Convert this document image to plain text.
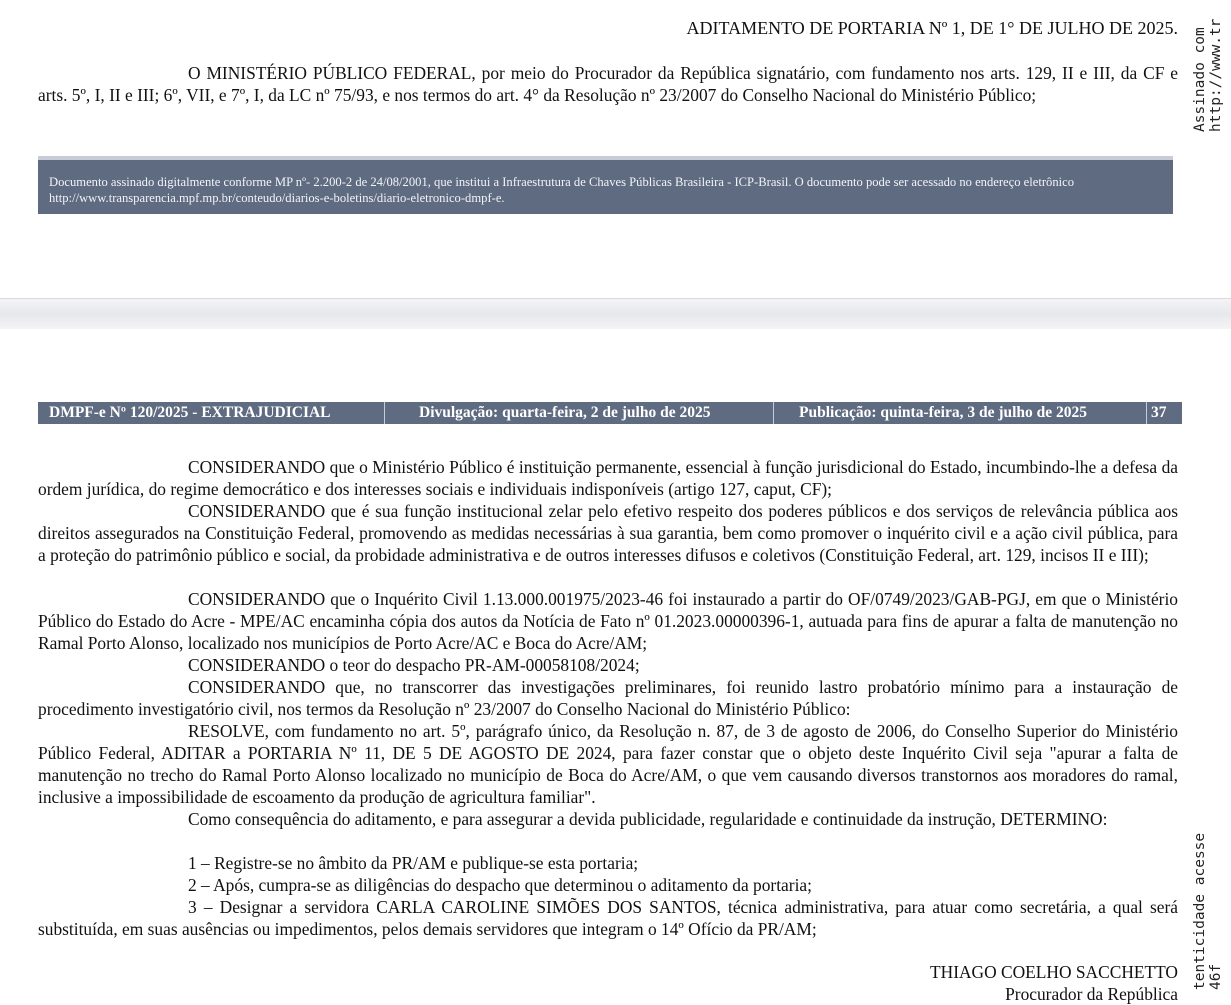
ADITAMENTO DE PORTARIA Nº 1, DE 1° DE JULHO DE 2025.

O MINISTÉRIO PÚBLICO FEDERAL, por meio do Procurador da República signatário, com fundamento nos arts. 129, II e III, da CF e arts. 5º, I, II e III; 6º, VII, e 7º, I, da LC nº 75/93, e nos termos do art. 4° da Resolução nº 23/2007 do Conselho Nacional do Ministério Público;

Documento assinado digitalmente conforme MP nº- 2.200-2 de 24/08/2001, que institui a Infraestrutura de Chaves Públicas Brasileira - ICP-Brasil. O documento pode ser acessado no endereço eletrônico http://www.transparencia.mpf.mp.br/conteudo/diarios-e-boletins/diario-eletronico-dmpf-e.
DMPF-e Nº 120/2025 - EXTRAJUDICIAL	Divulgação: quarta-feira, 2 de julho de 2025	Publicação: quinta-feira, 3 de julho de 2025	37

CONSIDERANDO que o Ministério Público é instituição permanente, essencial à função jurisdicional do Estado, incumbindo-lhe a defesa da ordem jurídica, do regime democrático e dos interesses sociais e individuais indisponíveis (artigo 127, caput, CF);

CONSIDERANDO que é sua função institucional zelar pelo efetivo respeito dos poderes públicos e dos serviços de relevância pública aos direitos assegurados na Constituição Federal, promovendo as medidas necessárias à sua garantia, bem como promover o inquérito civil e a ação civil pública, para a proteção do patrimônio público e social, da probidade administrativa e de outros interesses difusos e coletivos (Constituição Federal, art. 129, incisos II e III);

CONSIDERANDO que o Inquérito Civil 1.13.000.001975/2023-46 foi instaurado a partir do OF/0749/2023/GAB-PGJ, em que o Ministério Público do Estado do Acre - MPE/AC encaminha cópia dos autos da Notícia de Fato nº 01.2023.00000396-1, autuada para fins de apurar a falta de manutenção no Ramal Porto Alonso, localizado nos municípios de Porto Acre/AC e Boca do Acre/AM;

CONSIDERANDO o teor do despacho PR-AM-00058108/2024;

CONSIDERANDO que, no transcorrer das investigações preliminares, foi reunido lastro probatório mínimo para a instauração de procedimento investigatório civil, nos termos da Resolução nº 23/2007 do Conselho Nacional do Ministério Público:

RESOLVE, com fundamento no art. 5º, parágrafo único, da Resolução n. 87, de 3 de agosto de 2006, do Conselho Superior do Ministério Público Federal, ADITAR a PORTARIA Nº 11, DE 5 DE AGOSTO DE 2024, para fazer constar que o objeto deste Inquérito Civil seja "apurar a falta de manutenção no trecho do Ramal Porto Alonso localizado no município de Boca do Acre/AM, o que vem causando diversos transtornos aos moradores do ramal, inclusive a impossibilidade de escoamento da produção de agricultura familiar".

Como consequência do aditamento, e para assegurar a devida publicidade, regularidade e continuidade da instrução, DETERMINO:

1 – Registre-se no âmbito da PR/AM e publique-se esta portaria;

2 – Após, cumpra-se as diligências do despacho que determinou o aditamento da portaria;

3 – Designar a servidora CARLA CAROLINE SIMÕES DOS SANTOS, técnica administrativa, para atuar como secretária, a qual será substituída, em suas ausências ou impedimentos, pelos demais servidores que integram o 14º Ofício da PR/AM;

THIAGO COELHO SACCHETTO
Procurador da República
Assinado com http://www.tr
tenticidade acesse 46f
